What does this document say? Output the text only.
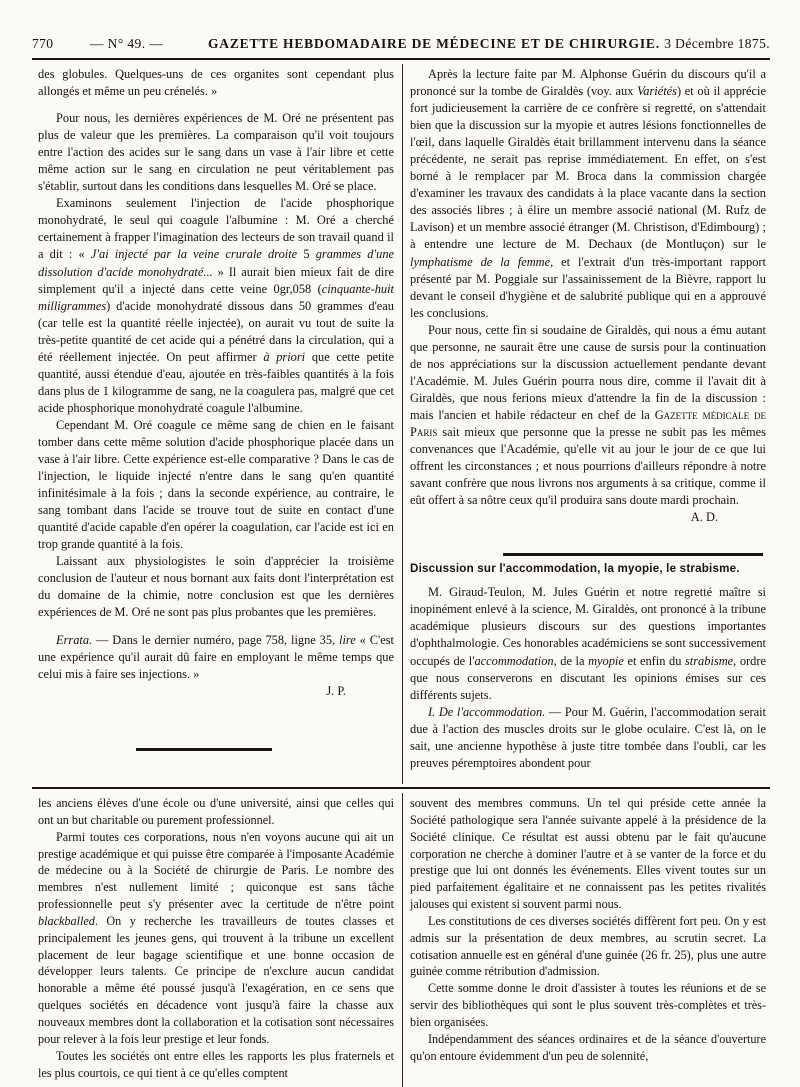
770	— N° 49. —	GAZETTE HEBDOMADAIRE DE MÉDECINE ET DE CHIRURGIE. 3 Décembre 1875.

des globules. Quelques-uns de ces organites sont cependant plus allongés et même un peu crénelés. »

Pour nous, les dernières expériences de M. Oré ne présentent pas plus de valeur que les premières. La comparaison qu'il voit toujours entre l'action des acides sur le sang dans un vase à l'air libre et cette même action sur le sang en circulation ne peut véritablement pas s'établir, surtout dans les conditions dans lesquelles M. Oré se place.

Examinons seulement l'injection de l'acide phosphorique monohydraté, le seul qui coagule l'albumine : M. Oré a cherché certainement à frapper l'imagination des lecteurs de son travail quand il a dit : « J'ai injecté par la veine crurale droite 5 grammes d'une dissolution d'acide monohydraté... » Il aurait bien mieux fait de dire simplement qu'il a injecté dans cette veine 0gr,058 (cinquante-huit milligrammes) d'acide monohydraté dissous dans 50 grammes d'eau (car telle est la quantité réelle injectée), on aurait vu tout de suite la très-petite quantité de cet acide qui a pénétré dans la circulation, qui a été réellement injectée. On peut affirmer à priori que cette petite quantité, aussi étendue d'eau, ajoutée en très-faibles quantités à la fois dans plus de 1 kilogramme de sang, ne la coagulera pas, malgré que cet acide phosphorique monohydraté coagule l'albumine.

Cependant M. Oré coagule ce même sang de chien en le faisant tomber dans cette même solution d'acide phosphorique placée dans un vase à l'air libre. Cette expérience est-elle comparative ? Dans le cas de l'injection, le liquide injecté n'entre dans le sang qu'en quantité infinitésimale à la fois ; dans la seconde expérience, au contraire, le sang tombant dans l'acide se trouve tout de suite en contact d'une quantité d'acide capable d'en opérer la coagulation, car l'acide est ici en trop grande quantité à la fois.

Laissant aux physiologistes le soin d'apprécier la troisième conclusion de l'auteur et nous bornant aux faits dont l'interprétation est du domaine de la chimie, notre conclusion est que les dernières expériences de M. Oré ne sont pas plus probantes que les premières.

Errata. — Dans le dernier numéro, page 758, ligne 35, lire « C'est une expérience qu'il aurait dû faire en employant le même temps que celui mis à faire ses injections. »

J. P.

Après la lecture faite par M. Alphonse Guérin du discours qu'il a prononcé sur la tombe de Giraldès (voy. aux Variétés) et où il apprécie fort judicieusement la carrière de ce confrère si regretté, on s'attendait bien que la discussion sur la myopie et autres lésions fonctionnelles de l'œil, dans laquelle Giraldès était brillamment intervenu dans la séance précédente, ne serait pas reprise immédiatement. En effet, on s'est borné à le remplacer par M. Broca dans la commission chargée d'examiner les travaux des candidats à la place vacante dans la section des associés libres ; à élire un membre associé national (M. Rufz de Lavison) et un membre associé étranger (M. Christison, d'Edimbourg) ; à entendre une lecture de M. Dechaux (de Montluçon) sur le lymphatisme de la femme, et l'extrait d'un très-important rapport présenté par M. Poggiale sur l'assainissement de la Bièvre, rapport lu devant le conseil d'hygiène et de salubrité publique qui en a approuvé les conclusions.

Pour nous, cette fin si soudaine de Giraldès, qui nous a ému autant que personne, ne saurait être une cause de sursis pour la continuation de nos appréciations sur la discussion actuellement pendante devant l'Académie. M. Jules Guérin pourra nous dire, comme il l'avait dit à Giraldès, que nous ferions mieux d'attendre la fin de la discussion : mais l'ancien et habile rédacteur en chef de la Gazette médicale de Paris sait mieux que personne que la presse ne subit pas les mêmes convenances que l'Académie, qu'elle vit au jour le jour de ce que lui offrent les circonstances ; et nous pourrions d'ailleurs répondre à notre savant confrère que nous livrons nos arguments à sa critique, comme il eût offert à sa nôtre ceux qu'il produira sans doute mardi prochain.

A. D.

Discussion sur l'accommodation, la myopie, le strabisme.

M. Giraud-Teulon, M. Jules Guérin et notre regretté maître si inopinément enlevé à la science, M. Giraldès, ont prononcé à la tribune académique plusieurs discours sur des questions importantes d'ophthalmologie. Ces honorables académiciens se sont successivement occupés de l'accommodation, de la myopie et enfin du strabisme, ordre que nous conserverons en discutant les opinions émises sur ces différents sujets.

I. De l'accommodation. — Pour M. Guérin, l'accommodation serait due à l'action des muscles droits sur le globe oculaire. C'est là, on le sait, une ancienne hypothèse à juste titre tombée dans l'oubli, car les preuves péremptoires abondent pour

les anciens élèves d'une école ou d'une université, ainsi que celles qui ont un but charitable ou purement professionnel.

Parmi toutes ces corporations, nous n'en voyons aucune qui ait un prestige académique et qui puisse être comparée à l'imposante Académie de médecine ou à la Société de chirurgie de Paris. Le nombre des membres n'est nullement limité ; quiconque est sans tâche professionnelle peut s'y présenter avec la certitude de n'être point blackballed. On y recherche les travailleurs de toutes classes et principalement les jeunes gens, qui trouvent à la tribune un excellent placement de leur bagage scientifique et une bonne occasion de développer leurs talents. Ce principe de n'exclure aucun candidat honorable a même été poussé jusqu'à l'exagération, en ce sens que quelques sociétés en décadence vont jusqu'à faire la chasse aux nouveaux membres dont la collaboration et la cotisation sont nécessaires pour relever à la fois leur prestige et leur fonds.

Toutes les sociétés ont entre elles les rapports les plus fraternels et les plus courtois, ce qui tient à ce qu'elles comptent

souvent des membres communs. Un tel qui préside cette année la Société pathologique sera l'année suivante appelé à la présidence de la Société clinique. Ce résultat est aussi obtenu par le fait qu'aucune corporation ne cherche à dominer l'autre et à se vanter de la force et du prestige que lui ont donnés les événements. Elles vivent toutes sur un pied parfaitement égalitaire et ne connaissent pas les petites rivalités jalouses qui existent si souvent parmi nous.

Les constitutions de ces diverses sociétés diffèrent fort peu. On y est admis sur la présentation de deux membres, au scrutin secret. La cotisation annuelle est en général d'une guinée (26 fr. 25), plus une autre guinée comme rétribution d'admission.

Cette somme donne le droit d'assister à toutes les réunions et de se servir des bibliothèques qui sont le plus souvent très-complètes et très-bien organisées.

Indépendamment des séances ordinaires et de la séance d'ouverture qu'on entoure évidemment d'un peu de solennité,
